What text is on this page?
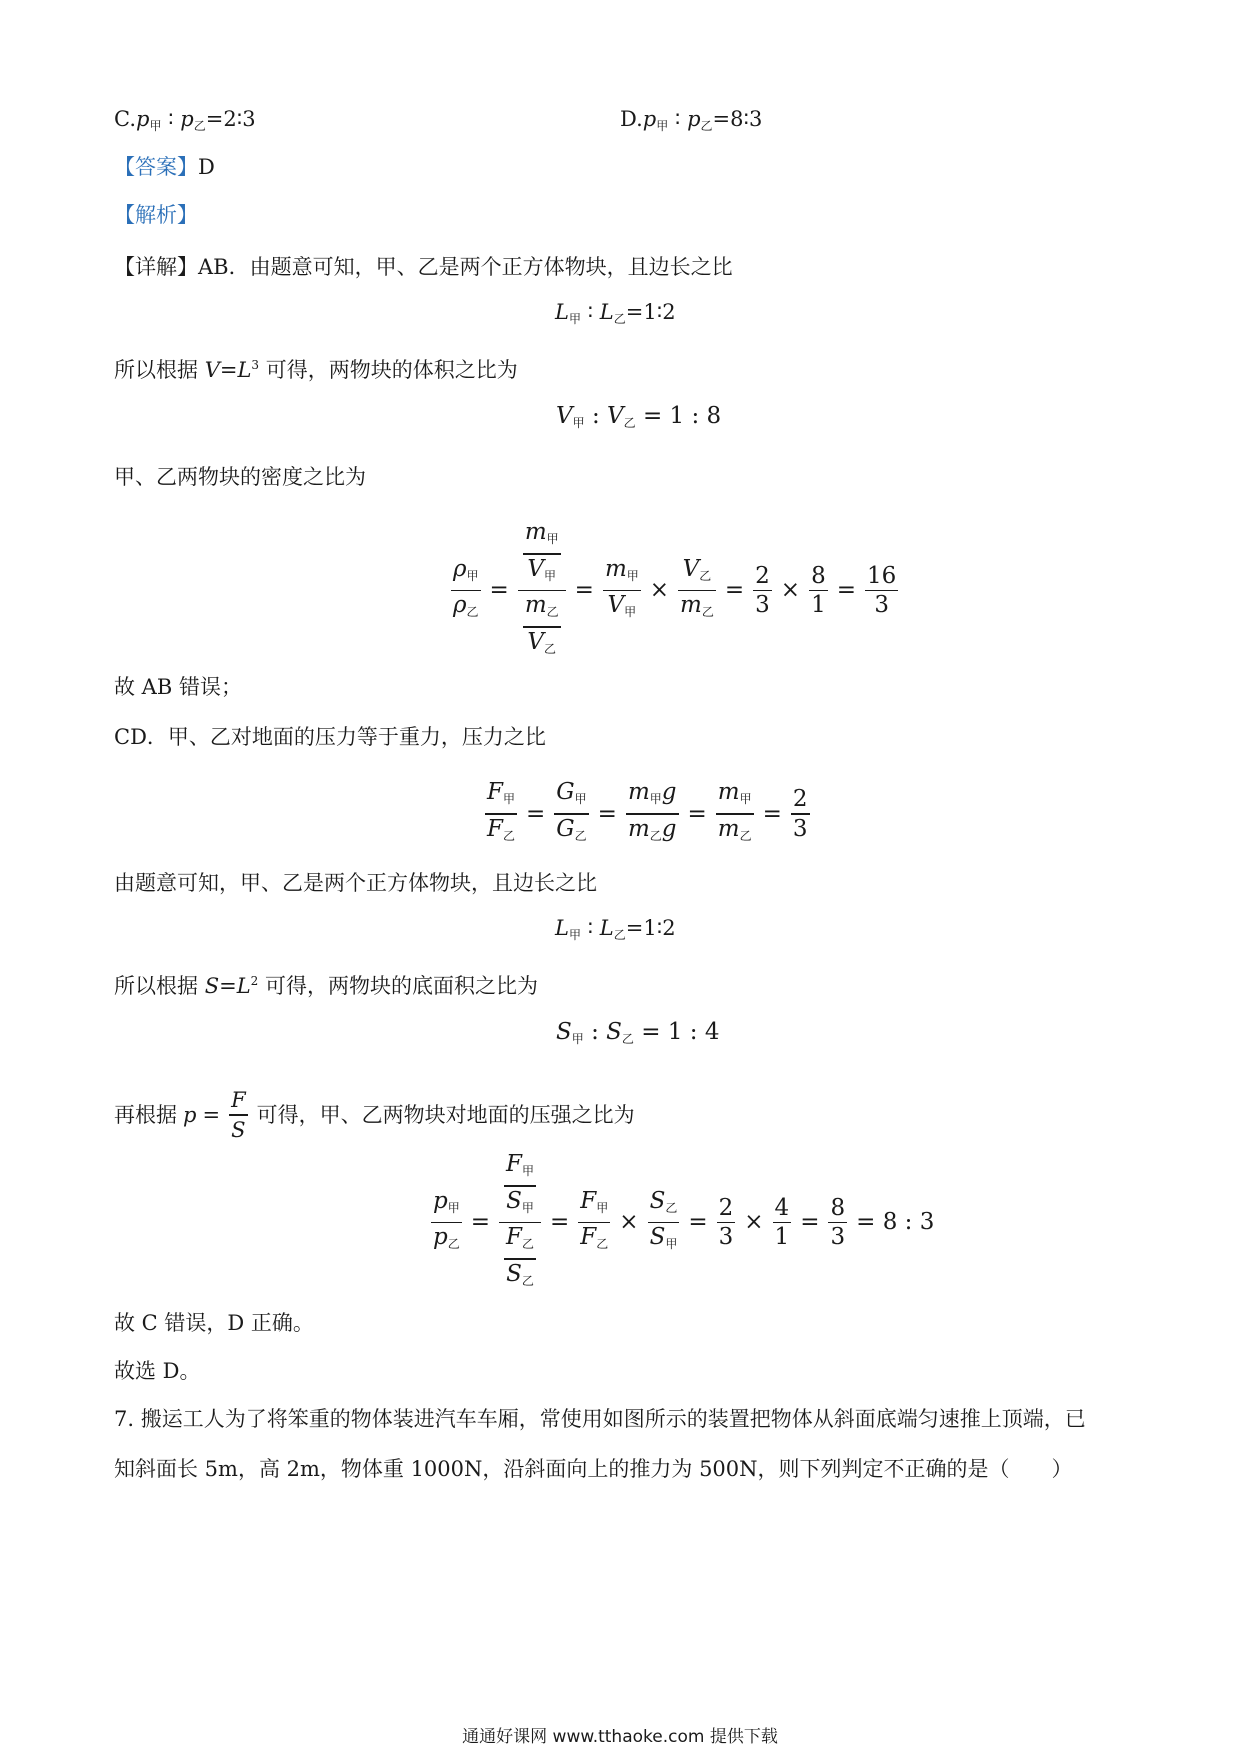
$C.p_甲$ ∶ $p_乙=2∶3$	$D.p_甲$ ∶ $p_乙=8∶3$
【答案】D
【解析】
【详解】AB．由题意可知，甲、乙是两个正方体物块，且边长之比
$L_甲$ ∶ $L_乙=1∶2$
所以根据 $V=L^3$ 可得，两物块的体积之比为
$V_甲$ : $V_乙 = 1$ : 8
甲、乙两物块的密度之比为
$\frac{\rho_甲}{\rho_乙} = \frac{\frac{m_甲}{V_甲}}{\frac{m_乙}{V_乙}} = \frac{m_甲}{V_甲} \times \frac{V_乙}{m_乙} = \frac{2}{3} \times \frac{8}{1} = \frac{16}{3}$
故 AB 错误；
CD．甲、乙对地面的压力等于重力，压力之比
$\frac{F_甲}{F_乙} = \frac{G_甲}{G_乙} = \frac{m_甲g}{m_乙g} = \frac{m_甲}{m_乙} = \frac{2}{3}$
由题意可知，甲、乙是两个正方体物块，且边长之比
$L_甲$ ∶ $L_乙=1∶2$
所以根据 $S=L^2$ 可得，两物块的底面积之比为
$S_甲$ : $S_乙 = 1$ : 4
再根据 $p = \frac{F}{S}$ 可得，甲、乙两物块对地面的压强之比为
$\frac{p_甲}{p_乙} = \frac{\frac{F_甲}{S_甲}}{\frac{F_乙}{S_乙}} = \frac{F_甲}{F_乙} \times \frac{S_乙}{S_甲} = \frac{2}{3} \times \frac{4}{1} = \frac{8}{3} = 8$ : 3
故 C 错误，D 正确。
故选 D。
7. 搬运工人为了将笨重的物体装进汽车车厢，常使用如图所示的装置把物体从斜面底端匀速推上顶端，已
知斜面长 5m，高 2m，物体重 1000N，沿斜面向上的推力为 500N，则下列判定不正确的是（　　）
通通好课网 www.tthaoke.com 提供下载
